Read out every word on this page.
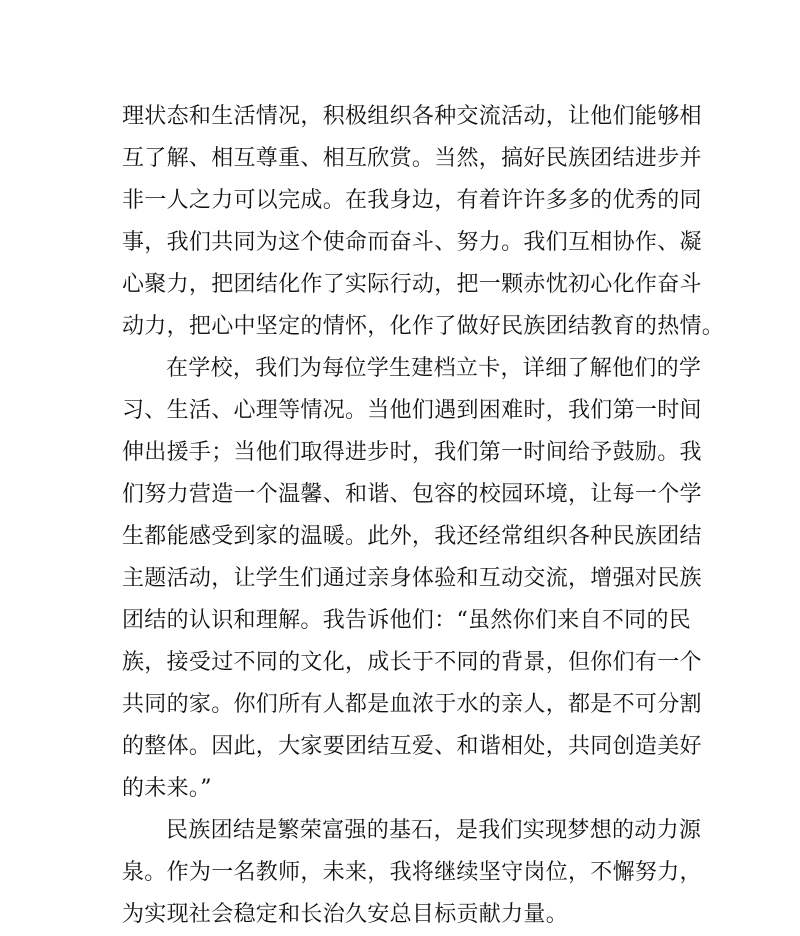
理状态和生活情况，积极组织各种交流活动，让他们能够相
互了解、相互尊重、相互欣赏。当然，搞好民族团结进步并
非一人之力可以完成。在我身边，有着许许多多的优秀的同
事，我们共同为这个使命而奋斗、努力。我们互相协作、凝
心聚力，把团结化作了实际行动，把一颗赤忱初心化作奋斗
动力，把心中坚定的情怀，化作了做好民族团结教育的热情。
在学校，我们为每位学生建档立卡，详细了解他们的学
习、生活、心理等情况。当他们遇到困难时，我们第一时间
伸出援手；当他们取得进步时，我们第一时间给予鼓励。我
们努力营造一个温馨、和谐、包容的校园环境，让每一个学
生都能感受到家的温暖。此外，我还经常组织各种民族团结
主题活动，让学生们通过亲身体验和互动交流，增强对民族
团结的认识和理解。我告诉他们：“虽然你们来自不同的民
族，接受过不同的文化，成长于不同的背景，但你们有一个
共同的家。你们所有人都是血浓于水的亲人，都是不可分割
的整体。因此，大家要团结互爱、和谐相处，共同创造美好
的未来。”
民族团结是繁荣富强的基石，是我们实现梦想的动力源
泉。作为一名教师，未来，我将继续坚守岗位，不懈努力，
为实现社会稳定和长治久安总目标贡献力量。
